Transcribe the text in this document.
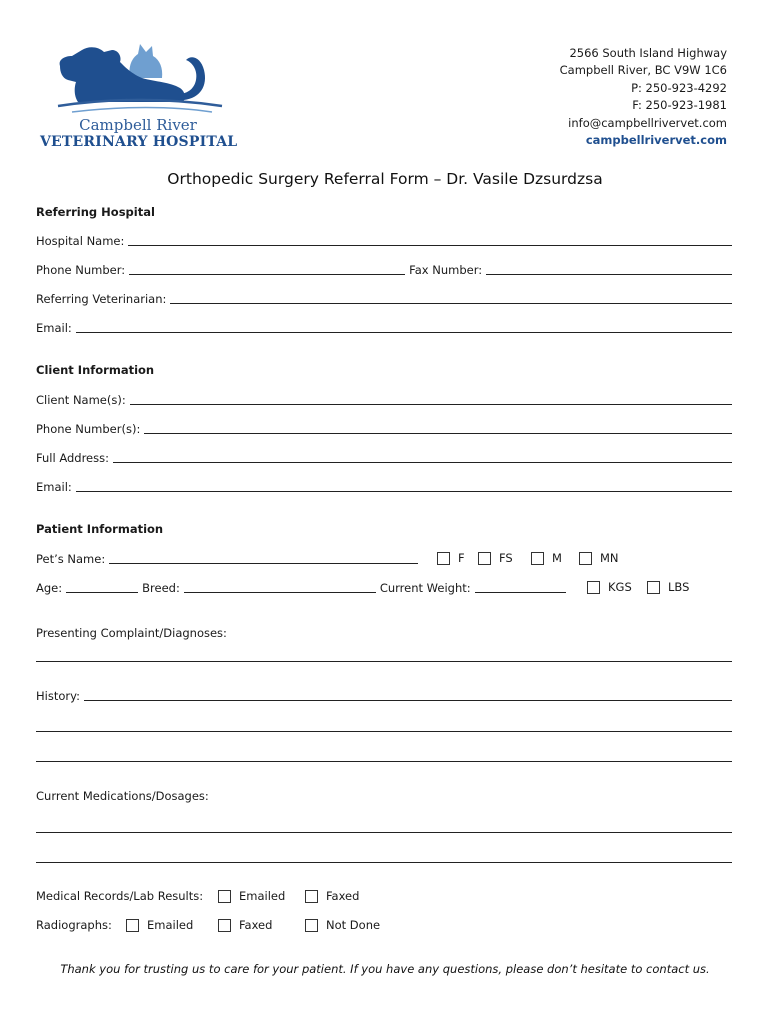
Campbell River
VETERINARY HOSPITAL
2566 South Island Highway
Campbell River, BC V9W 1C6
P: 250-923-4292
F: 250-923-1981
info@campbellrivervet.com
campbellrivervet.com
Orthopedic Surgery Referral Form – Dr. Vasile Dzsurdzsa
Referring Hospital
Hospital Name:
Phone Number:	Fax Number:
Referring Veterinarian:
Email:
Client Information
Client Name(s):
Phone Number(s):
Full Address:
Email:
Patient Information
Pet’s Name:	F	FS	M	MN
Age:	Breed:	Current Weight:	KGS	LBS
Presenting Complaint/Diagnoses:
History:
Current Medications/Dosages:
Medical Records/Lab Results:	Emailed	Faxed
Radiographs:	Emailed	Faxed	Not Done
Thank you for trusting us to care for your patient. If you have any questions, please don’t hesitate to contact us.
